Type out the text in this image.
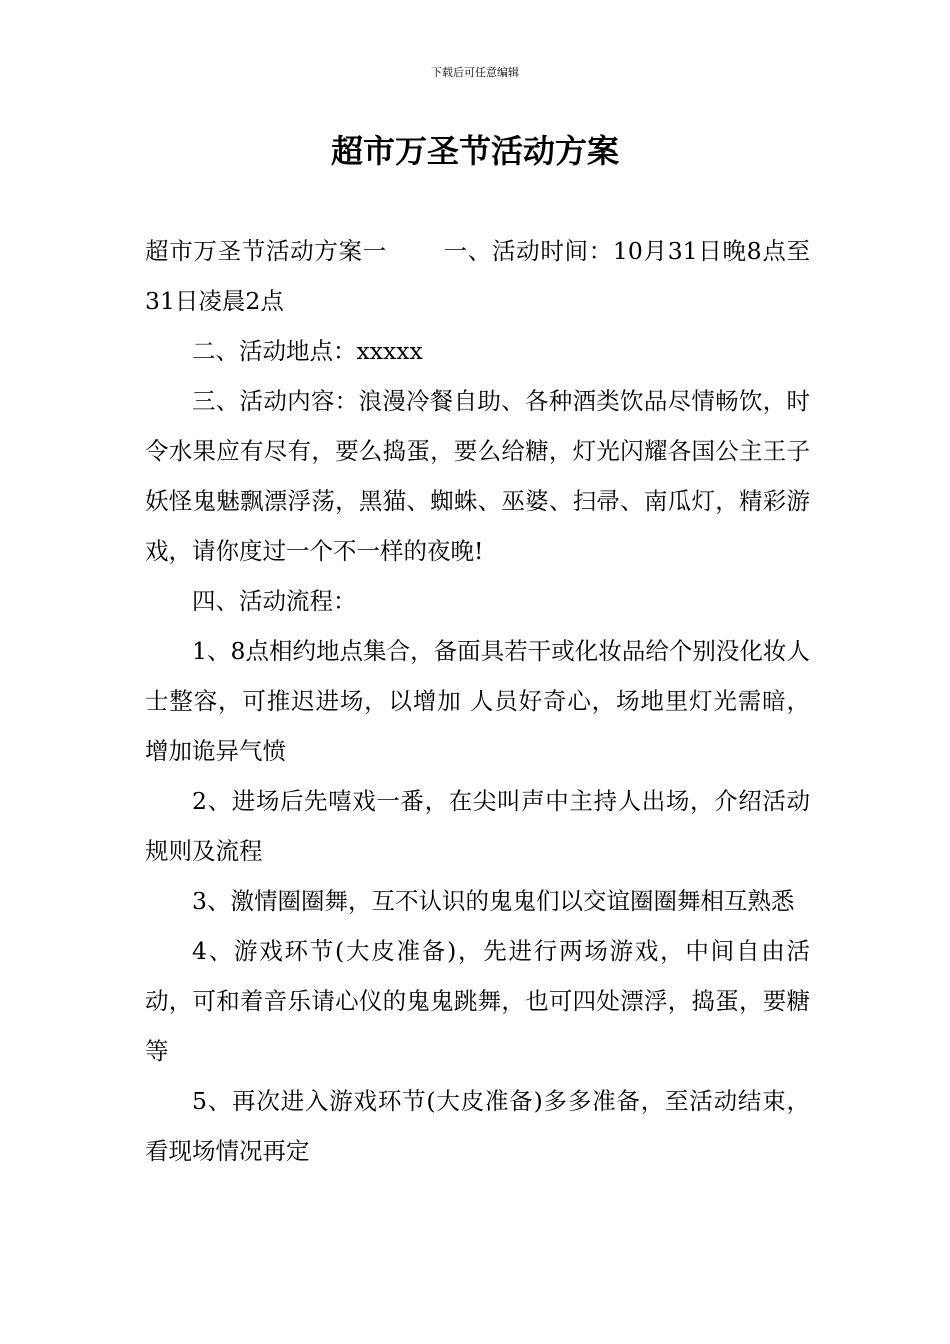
下载后可任意编辑
超市万圣节活动方案

超市万圣节活动方案一 一、活动时间：10月31日晚8点至31日凌晨2点

二、活动地点：xxxxx

三、活动内容：浪漫冷餐自助、各种酒类饮品尽情畅饮，时令水果应有尽有，要么捣蛋，要么给糖，灯光闪耀各国公主王子妖怪鬼魅飘漂浮荡，黑猫、蜘蛛、巫婆、扫帚、南瓜灯，精彩游戏，请你度过一个不一样的夜晚!

四、活动流程：

1、8点相约地点集合，备面具若干或化妆品给个别没化妆人士整容，可推迟进场，以增加 人员好奇心，场地里灯光需暗，增加诡异气愤

2、进场后先嘻戏一番，在尖叫声中主持人出场，介绍活动规则及流程

3、激情圈圈舞，互不认识的鬼鬼们以交谊圈圈舞相互熟悉

4、游戏环节(大皮准备)，先进行两场游戏，中间自由活动，可和着音乐请心仪的鬼鬼跳舞，也可四处漂浮，捣蛋，要糖等

5、再次进入游戏环节(大皮准备)多多准备，至活动结束，看现场情况再定
